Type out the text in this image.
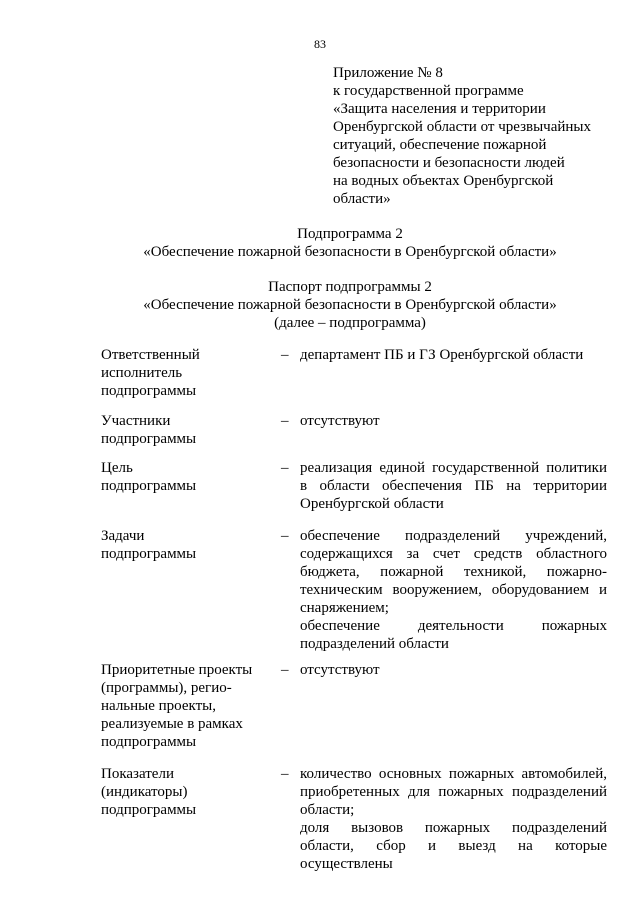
83
Приложение № 8
к государственной программе
«Защита населения и территории
Оренбургской области от чрезвычайных
ситуаций, обеспечение пожарной
безопасности и безопасности людей
на водных объектах Оренбургской
области»
Подпрограмма 2
«Обеспечение пожарной безопасности в Оренбургской области»
Паспорт подпрограммы 2
«Обеспечение пожарной безопасности в Оренбургской области»
(далее – подпрограмма)
Ответственный
исполнитель
подпрограммы
– департамент ПБ и ГЗ Оренбургской области
Участники
подпрограммы
– отсутствуют
Цель
подпрограммы
– реализация единой государственной политики в области обеспечения ПБ на территории Оренбургской области
Задачи
подпрограммы
– обеспечение подразделений учреждений, содержащихся за счет средств областного бюджета, пожарной техникой, пожарно-техническим вооружением, оборудованием и снаряжением;
обеспечение деятельности пожарных подразделений области
Приоритетные проекты
(программы), регио-
нальные проекты,
реализуемые в рамках
подпрограммы
– отсутствуют
Показатели
(индикаторы)
подпрограммы
– количество основных пожарных автомобилей, приобретенных для пожарных подразделений области;
доля вызовов пожарных подразделений области, сбор и выезд на которые осуществлены
